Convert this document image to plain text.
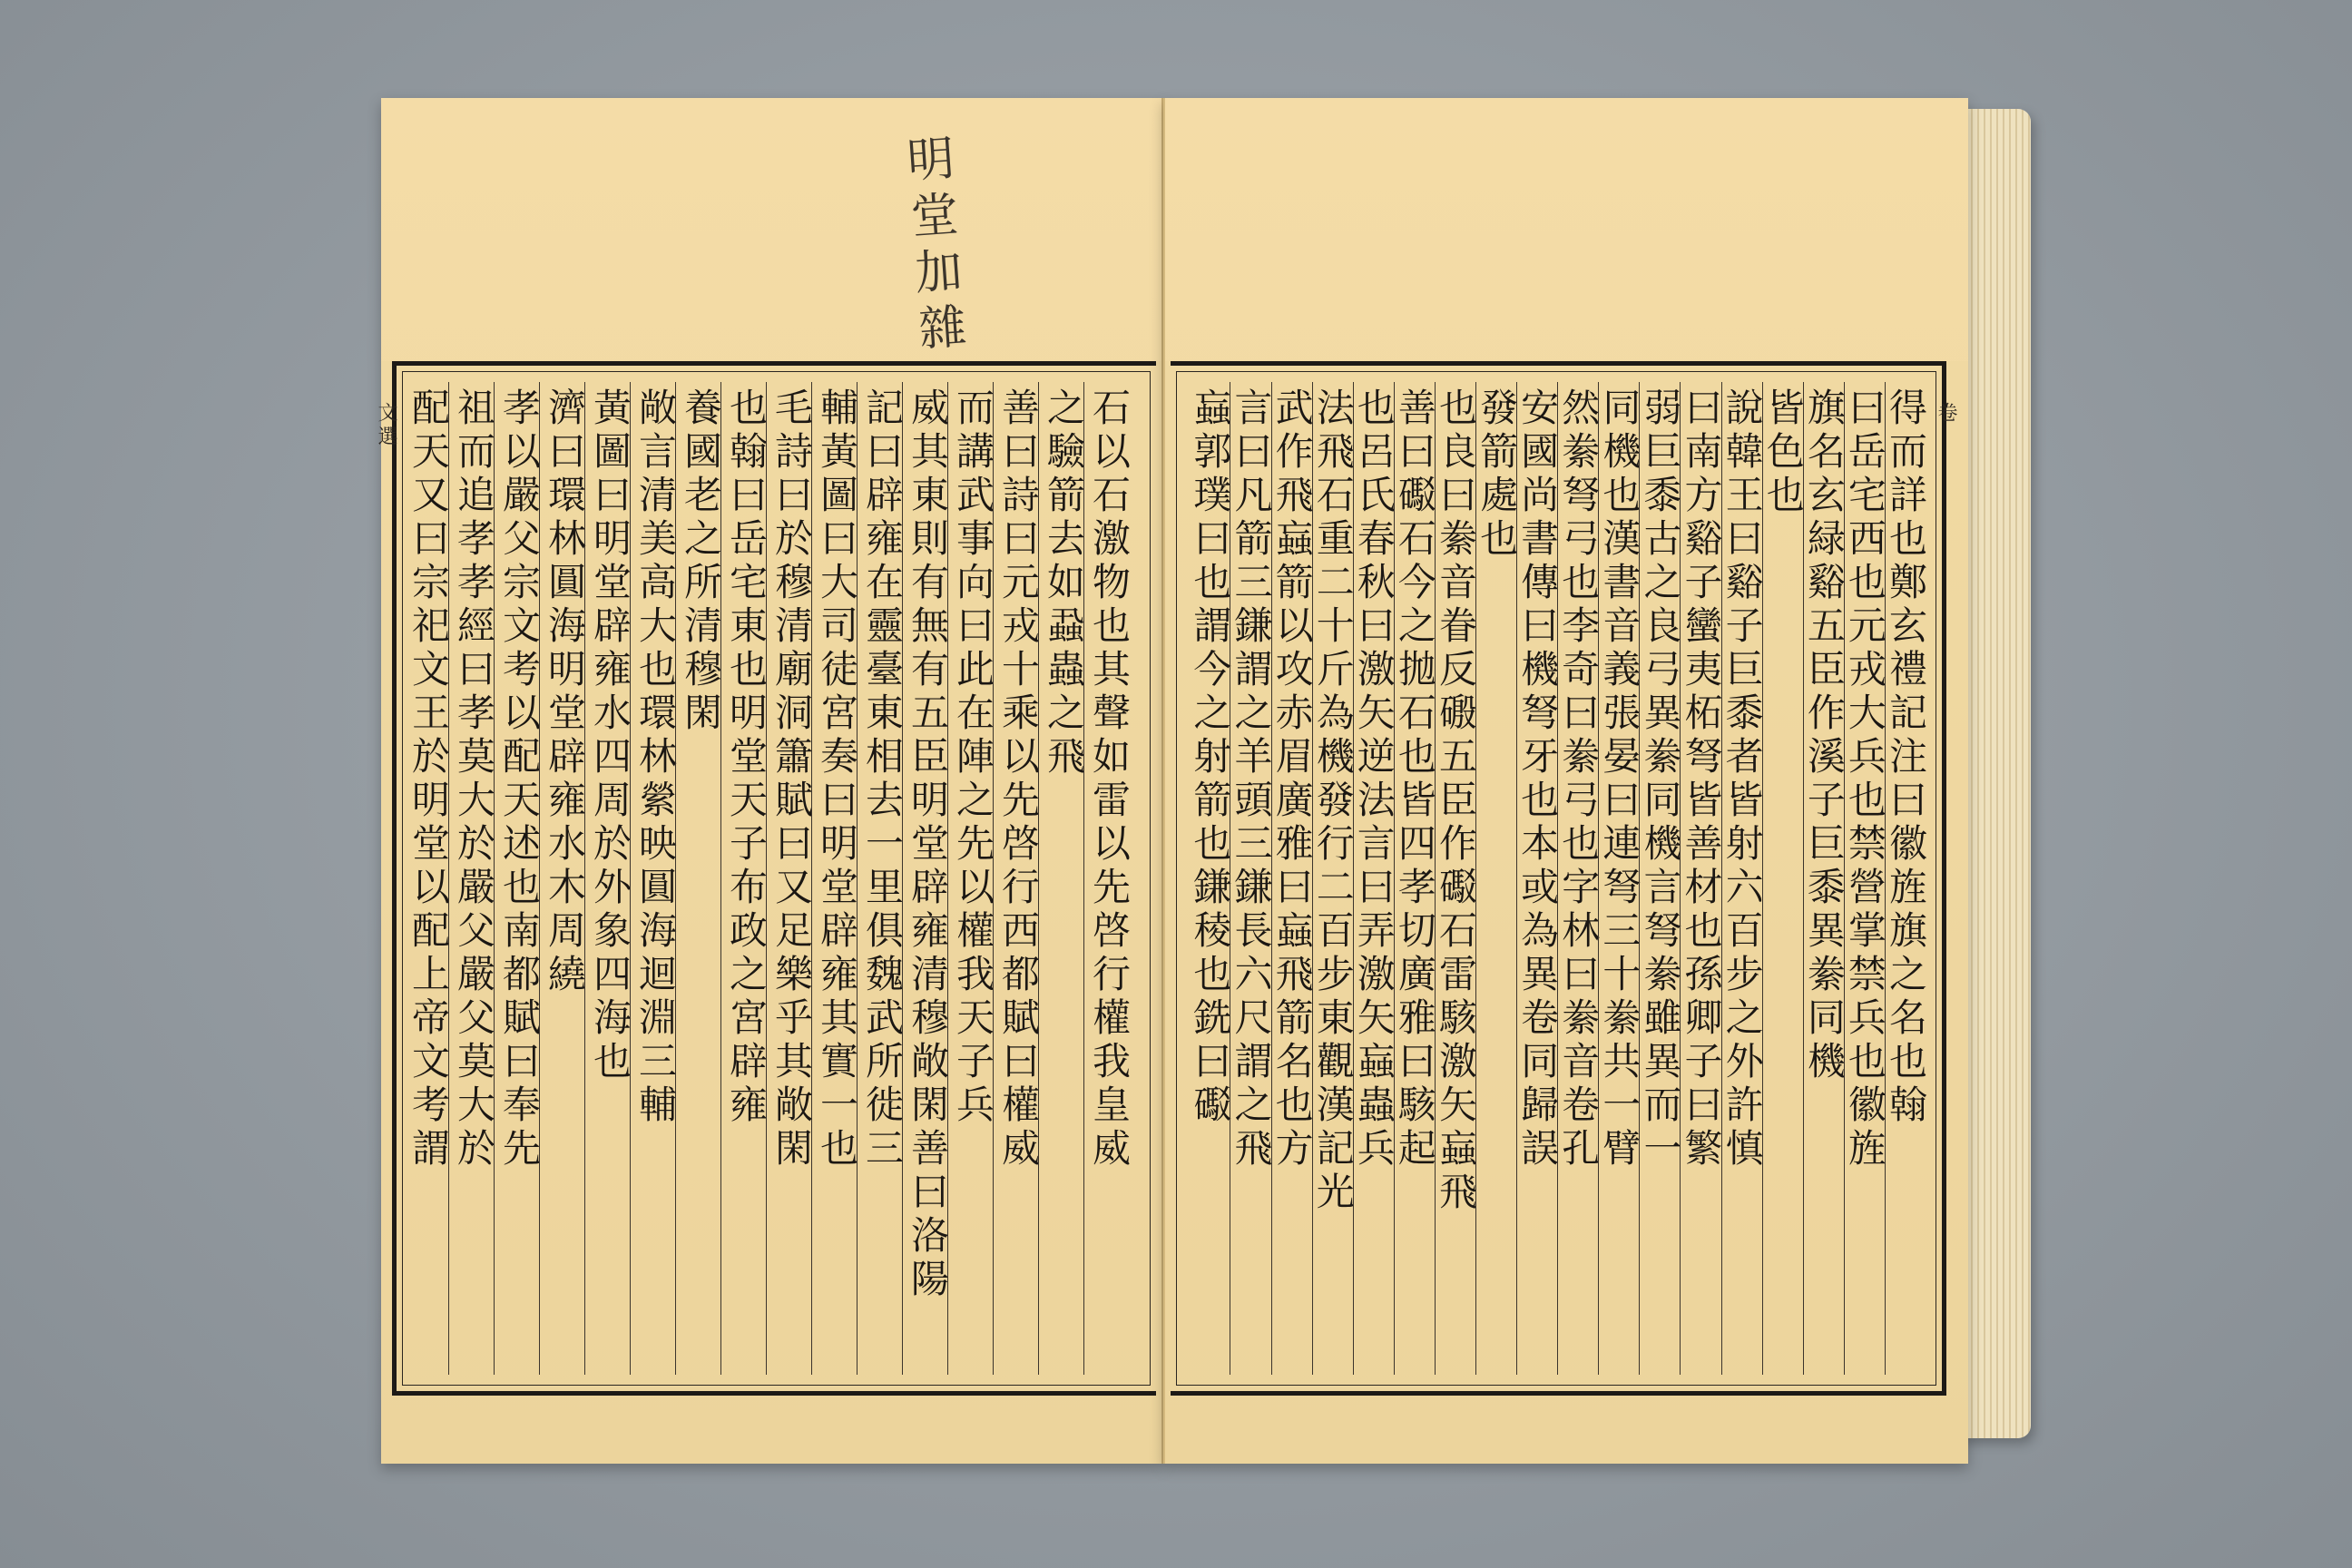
明堂加雜
文選	石以石激物也其聲如雷以先啓行權我皇威
之驗箭去如蝨蟲之飛
善曰詩曰元戎十乘以先啓行西都賦曰權威
而講武事向曰此在陣之先以權我天子兵
威其東則有無有五臣明堂辟雍清穆敞閑善曰洛陽
記曰辟雍在靈臺東相去一里俱魏武所徙三
輔黃圖曰大司徒宮奏曰明堂辟雍其實一也
毛詩曰於穆清廟洞簫賦曰又足樂乎其敞閑
也翰曰岳宅東也明堂天子布政之宮辟雍
養國老之所清穆閑
敞言清美高大也環林縈映圓海迴淵三輔
黃圖曰明堂辟雍水四周於外象四海也
濟曰環林圓海明堂辟雍水木周繞
孝以嚴父宗文考以配天述也南都賦曰奉先
祖而追孝孝經曰孝莫大於嚴父嚴父莫大於
配天又曰宗祀文王於明堂以配上帝文考謂	卷
得而詳也鄭玄禮記注曰徽旌旗之名也翰
曰岳宅西也元戎大兵也禁營掌禁兵也徽旌
旗名玄緑谿五臣作溪子巨黍異絭同機
皆色也
說韓王曰谿子巨黍者皆射六百步之外許慎
曰南方谿子蠻夷柘弩皆善材也孫卿子曰繁
弱巨黍古之良弓異絭同機言弩絭雖異而一
同機也漢書音義張晏曰連弩三十絭共一臂
然絭弩弓也李奇曰絭弓也字林曰絭音卷孔
安國尚書傳曰機弩牙也本或為異卷同歸誤
發箭處也
也良曰絭音眷反磤五臣作礟石雷駭激矢蝱飛
善曰礟石今之拋石也皆四孝切廣雅曰駭起
也呂氏春秋曰激矢逆法言曰弄激矢蝱蟲兵
法飛石重二十斤為機發行二百步東觀漢記光
武作飛蝱箭以攻赤眉廣雅曰蝱飛箭名也方
言曰凡箭三鎌謂之羊頭三鎌長六尺謂之飛
蝱郭璞曰也謂今之射箭也鎌稜也銑曰礟
